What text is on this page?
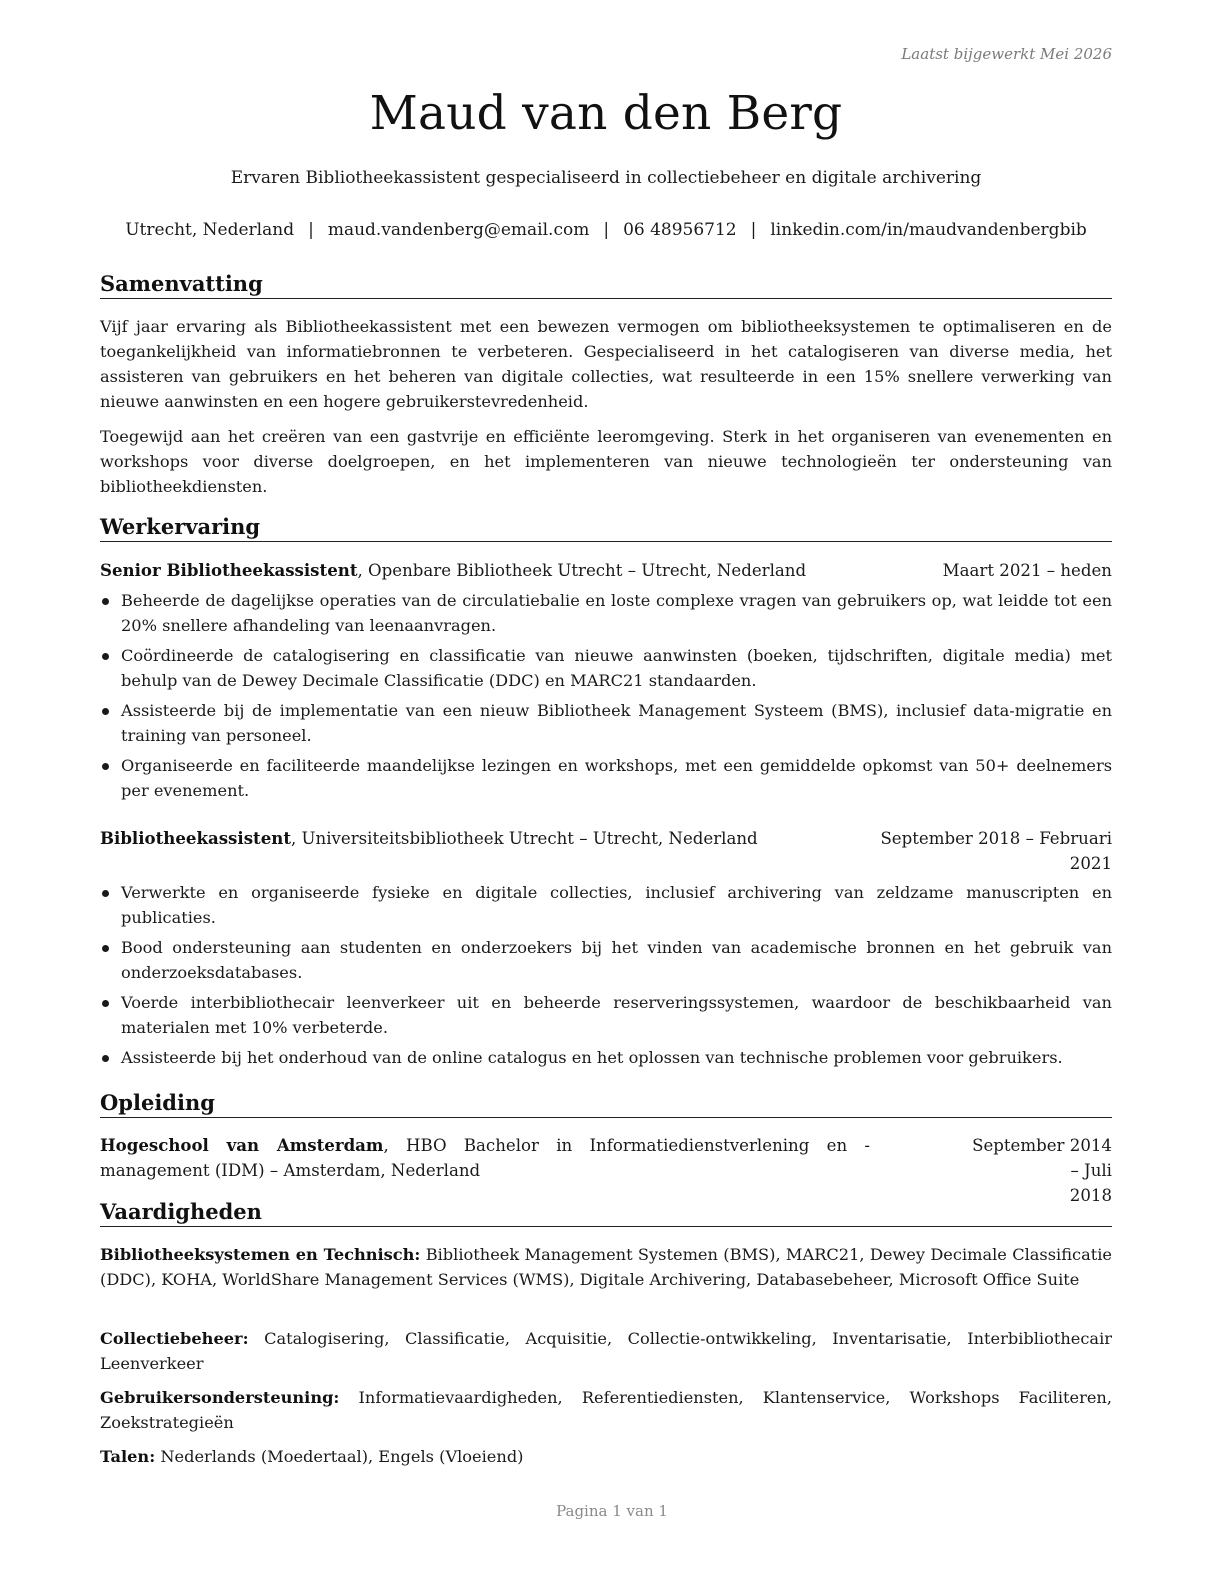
Laatst bijgewerkt Mei 2026
Maud van den Berg
Ervaren Bibliotheekassistent gespecialiseerd in collectiebeheer en digitale archivering
Utrecht, Nederland | maud.vandenberg@email.com | 06 48956712 | linkedin.com/in/maudvandenbergbib
Samenvatting
Vijf jaar ervaring als Bibliotheekassistent met een bewezen vermogen om bibliotheeksystemen te optimaliseren en de toegankelijkheid van informatiebronnen te verbeteren. Gespecialiseerd in het catalogiseren van diverse media, het assisteren van gebruikers en het beheren van digitale collecties, wat resulteerde in een 15% snellere verwerking van nieuwe aanwinsten en een hogere gebruikerstevredenheid.
Toegewijd aan het creëren van een gastvrije en efficiënte leeromgeving. Sterk in het organiseren van evenementen en workshops voor diverse doelgroepen, en het implementeren van nieuwe technologieën ter ondersteuning van bibliotheekdiensten.
Werkervaring
Senior Bibliotheekassistent, Openbare Bibliotheek Utrecht – Utrecht, Nederland	Maart 2021 – heden
Beheerde de dagelijkse operaties van de circulatiebalie en loste complexe vragen van gebruikers op, wat leidde tot een 20% snellere afhandeling van leenaanvragen.
Coördineerde de catalogisering en classificatie van nieuwe aanwinsten (boeken, tijdschriften, digitale media) met behulp van de Dewey Decimale Classificatie (DDC) en MARC21 standaarden.
Assisteerde bij de implementatie van een nieuw Bibliotheek Management Systeem (BMS), inclusief data-migratie en training van personeel.
Organiseerde en faciliteerde maandelijkse lezingen en workshops, met een gemiddelde opkomst van 50+ deelnemers per evenement.
Bibliotheekassistent, Universiteitsbibliotheek Utrecht – Utrecht, Nederland	September 2018 – Februari
2021
Verwerkte en organiseerde fysieke en digitale collecties, inclusief archivering van zeldzame manuscripten en publicaties.
Bood ondersteuning aan studenten en onderzoekers bij het vinden van academische bronnen en het gebruik van onderzoeksdatabases.
Voerde interbibliothecair leenverkeer uit en beheerde reserveringssystemen, waardoor de beschikbaarheid van materialen met 10% verbeterde.
Assisteerde bij het onderhoud van de online catalogus en het oplossen van technische problemen voor gebruikers.
Opleiding
Hogeschool van Amsterdam, HBO Bachelor in Informatiedienstverlening en -management (IDM) – Amsterdam, Nederland
September 2014 – Juli
2018
Vaardigheden
Bibliotheeksystemen en Technisch: Bibliotheek Management Systemen (BMS), MARC21, Dewey Decimale Classificatie (DDC), KOHA, WorldShare Management Services (WMS), Digitale Archivering, Databasebeheer, Microsoft Office Suite
Collectiebeheer: Catalogisering, Classificatie, Acquisitie, Collectie-ontwikkeling, Inventarisatie, Interbibliothecair Leenverkeer
Gebruikersondersteuning: Informatievaardigheden, Referentiediensten, Klantenservice, Workshops Faciliteren, Zoekstrategieën
Talen: Nederlands (Moedertaal), Engels (Vloeiend)
Pagina 1 van 1
